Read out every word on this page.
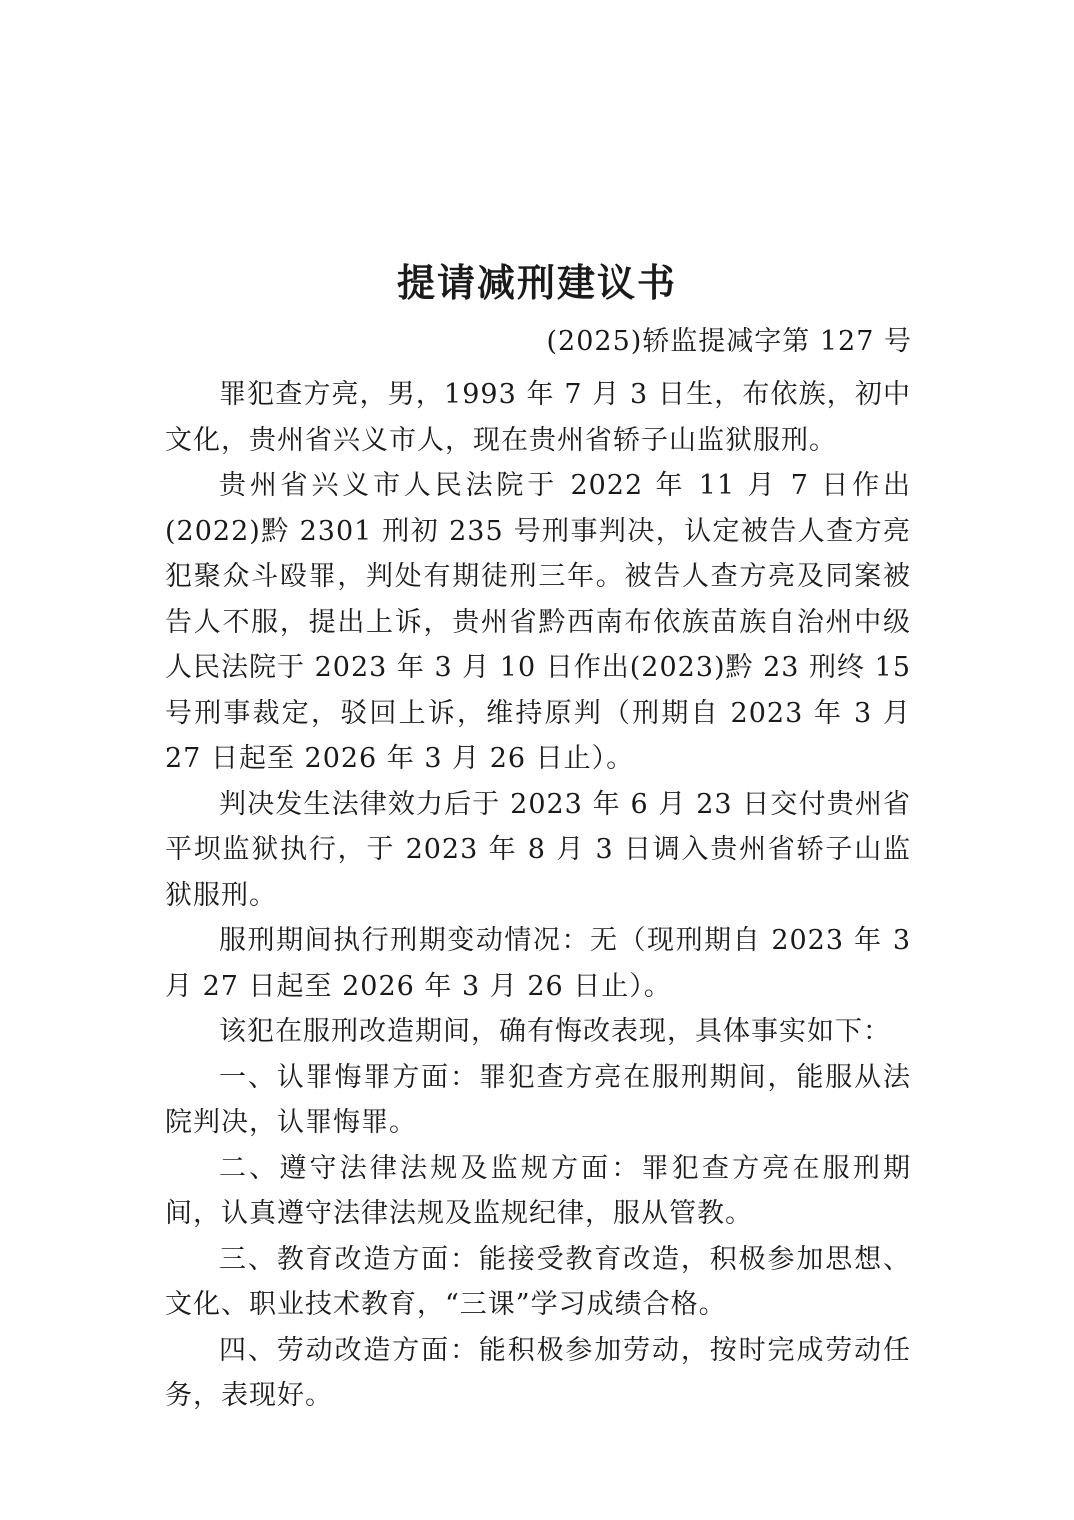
提请减刑建议书
(2025)轿监提减字第 127 号

罪犯查方亮，男，1993 年 7 月 3 日生，布依族，初中文化，贵州省兴义市人，现在贵州省轿子山监狱服刑。

贵州省兴义市人民法院于 2022 年 11 月 7 日作出(2022)黔 2301 刑初 235 号刑事判决，认定被告人查方亮犯聚众斗殴罪，判处有期徒刑三年。被告人查方亮及同案被告人不服，提出上诉，贵州省黔西南布依族苗族自治州中级人民法院于 2023 年 3 月 10 日作出(2023)黔 23 刑终 15 号刑事裁定，驳回上诉，维持原判（刑期自 2023 年 3 月 27 日起至 2026 年 3 月 26 日止）。

判决发生法律效力后于 2023 年 6 月 23 日交付贵州省平坝监狱执行，于 2023 年 8 月 3 日调入贵州省轿子山监狱服刑。

服刑期间执行刑期变动情况：无（现刑期自 2023 年 3 月 27 日起至 2026 年 3 月 26 日止）。

该犯在服刑改造期间，确有悔改表现，具体事实如下：

一、认罪悔罪方面：罪犯查方亮在服刑期间，能服从法院判决，认罪悔罪。

二、遵守法律法规及监规方面：罪犯查方亮在服刑期间，认真遵守法律法规及监规纪律，服从管教。

三、教育改造方面：能接受教育改造，积极参加思想、文化、职业技术教育，“三课”学习成绩合格。

四、劳动改造方面：能积极参加劳动，按时完成劳动任务，表现好。
